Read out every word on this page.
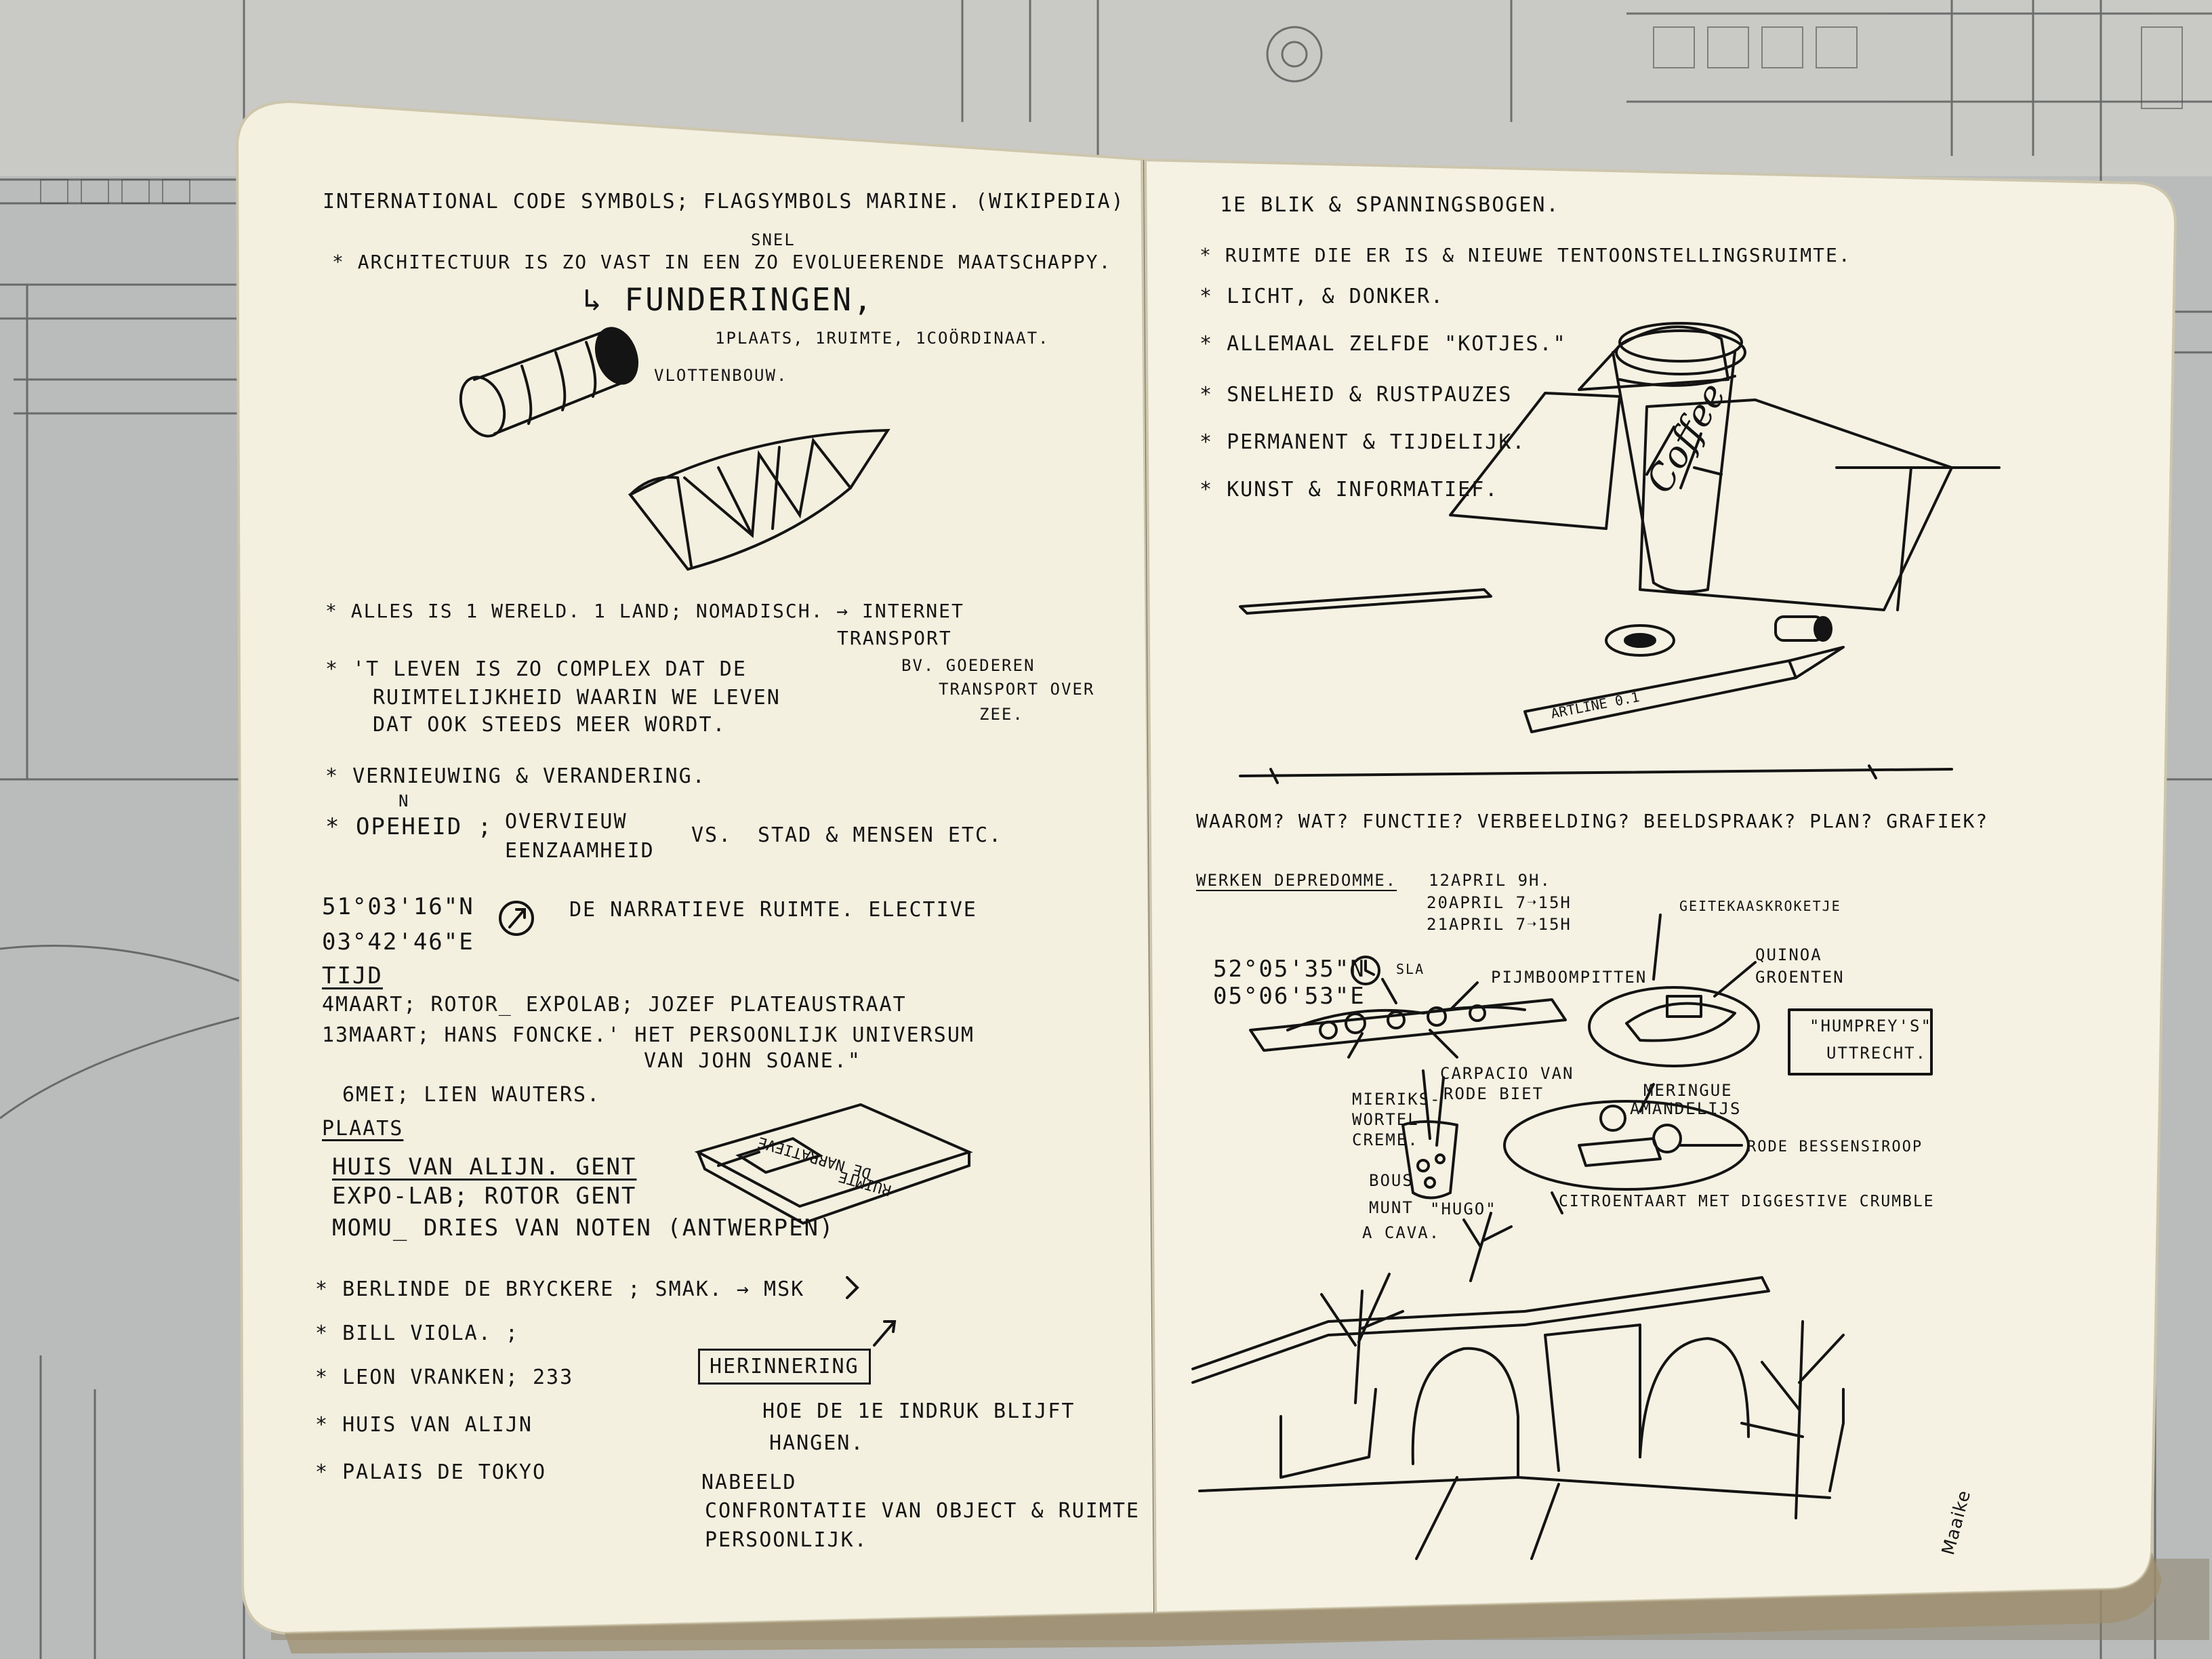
INTERNATIONAL CODE SYMBOLS; FLAGSYMBOLS MARINE. (WIKIPEDIA)
SNEL
* ARCHITECTUUR IS ZO VAST IN EEN ZO EVOLUEERENDE MAATSCHAPPY.
↳ FUNDERINGEN,
1PLAATS, 1RUIMTE, 1COÖRDINAAT.
VLOTTENBOUW.
* ALLES IS 1 WERELD. 1 LAND; NOMADISCH. → INTERNET
TRANSPORT
BV. GOEDEREN
TRANSPORT OVER
ZEE.
* 'T LEVEN IS ZO COMPLEX DAT DE
RUIMTELIJKHEID WAARIN WE LEVEN
DAT OOK STEEDS MEER WORDT.
* VERNIEUWING & VERANDERING.
N
* OPEHEID ; OVERVIEUW
EENZAAMHEID
VS. STAD & MENSEN ETC.
51°03'16"N
03°42'46"E
DE NARRATIEVE RUIMTE. ELECTIVE
TIJD
4MAART; ROTOR_ EXPOLAB; JOZEF PLATEAUSTRAAT
13MAART; HANS FONCKE.' HET PERSOONLIJK UNIVERSUM
VAN JOHN SOANE."
6MEI; LIEN WAUTERS.
PLAATS
HUIS VAN ALIJN. GENT
EXPO-LAB; ROTOR GENT
MOMU_ DRIES VAN NOTEN (ANTWERPEN)
* BERLINDE DE BRYCKERE ; SMAK. → MSK
* BILL VIOLA. ;
* LEON VRANKEN; 233
* HUIS VAN ALIJN
* PALAIS DE TOKYO
HERINNERING
HOE DE 1E INDRUK BLIJFT
HANGEN.
NABEELD
CONFRONTATIE VAN OBJECT & RUIMTE
PERSOONLIJK.
DE NARRATIEVE
RUIMTE
1E BLIK & SPANNINGSBOGEN.
* RUIMTE DIE ER IS & NIEUWE TENTOONSTELLINGSRUIMTE.
* LICHT, & DONKER.
* ALLEMAAL ZELFDE "KOTJES."
* SNELHEID & RUSTPAUZES
* PERMANENT & TIJDELIJK.
* KUNST & INFORMATIEF.
WAAROM? WAT? FUNCTIE? VERBEELDING? BEELDSPRAAK? PLAN? GRAFIEK?
WERKEN DEPREDOMME. 12APRIL 9H.
20APRIL 7➝15H
21APRIL 7➝15H
52°05'35"N
05°06'53"E
SLA	PIJMBOOMPITTEN
GEITEKAASKROKETJE
QUINOA
GROENTEN
"HUMPREY'S"
UTTRECHT.
CARPACIO VAN
RODE BIET
MIERIKS-
WORTEL
CREME.
MERINGUE
AMANDELIJS
RODE BESSENSIROOP
BOUS
MUNT
A CAVA.
"HUGO"	CITROENTAART MET DIGGESTIVE CRUMBLE
Maaike
ARTLINE 0.1
Coffee
